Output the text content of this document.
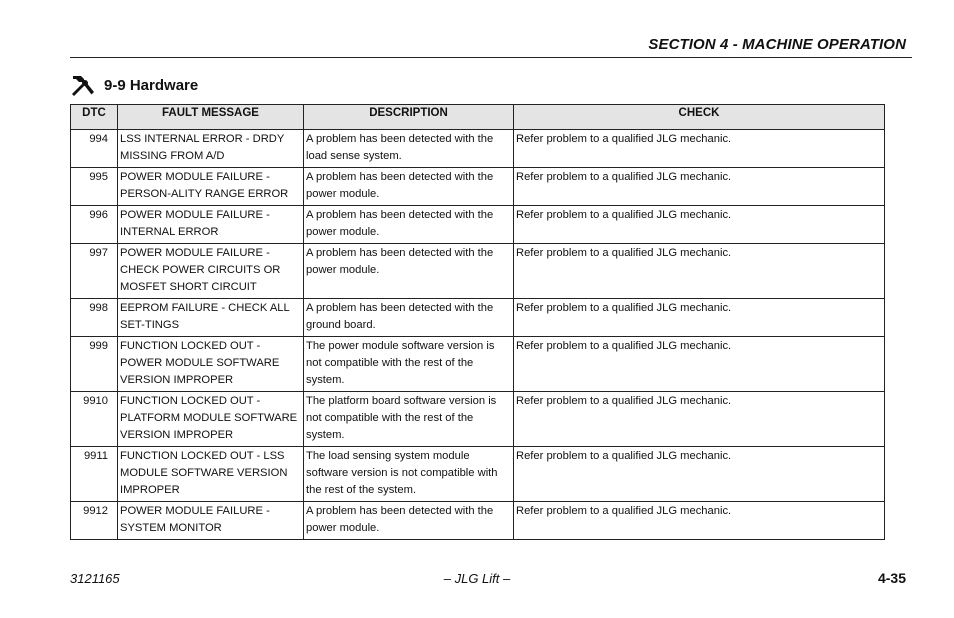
SECTION 4 - MACHINE OPERATION
9-9 Hardware
DTC	FAULT MESSAGE	DESCRIPTION	CHECK
994	LSS INTERNAL ERROR - DRDY MISSING FROM A/D	A problem has been detected with the load sense system.	Refer problem to a qualified JLG mechanic.
995	POWER MODULE FAILURE - PERSON-ALITY RANGE ERROR	A problem has been detected with the power module.	Refer problem to a qualified JLG mechanic.
996	POWER MODULE FAILURE - INTERNAL ERROR	A problem has been detected with the power module.	Refer problem to a qualified JLG mechanic.
997	POWER MODULE FAILURE - CHECK POWER CIRCUITS OR MOSFET SHORT CIRCUIT	A problem has been detected with the power module.	Refer problem to a qualified JLG mechanic.
998	EEPROM FAILURE - CHECK ALL SET-TINGS	A problem has been detected with the ground board.	Refer problem to a qualified JLG mechanic.
999	FUNCTION LOCKED OUT - POWER MODULE SOFTWARE VERSION IMPROPER	The power module software version is not compatible with the rest of the system.	Refer problem to a qualified JLG mechanic.
9910	FUNCTION LOCKED OUT - PLATFORM MODULE SOFTWARE VERSION IMPROPER	The platform board software version is not compatible with the rest of the system.	Refer problem to a qualified JLG mechanic.
9911	FUNCTION LOCKED OUT - LSS MODULE SOFTWARE VERSION IMPROPER	The load sensing system module software version is not compatible with the rest of the system.	Refer problem to a qualified JLG mechanic.
9912	POWER MODULE FAILURE - SYSTEM MONITOR	A problem has been detected with the power module.	Refer problem to a qualified JLG mechanic.
3121165	– JLG Lift –	4-35
